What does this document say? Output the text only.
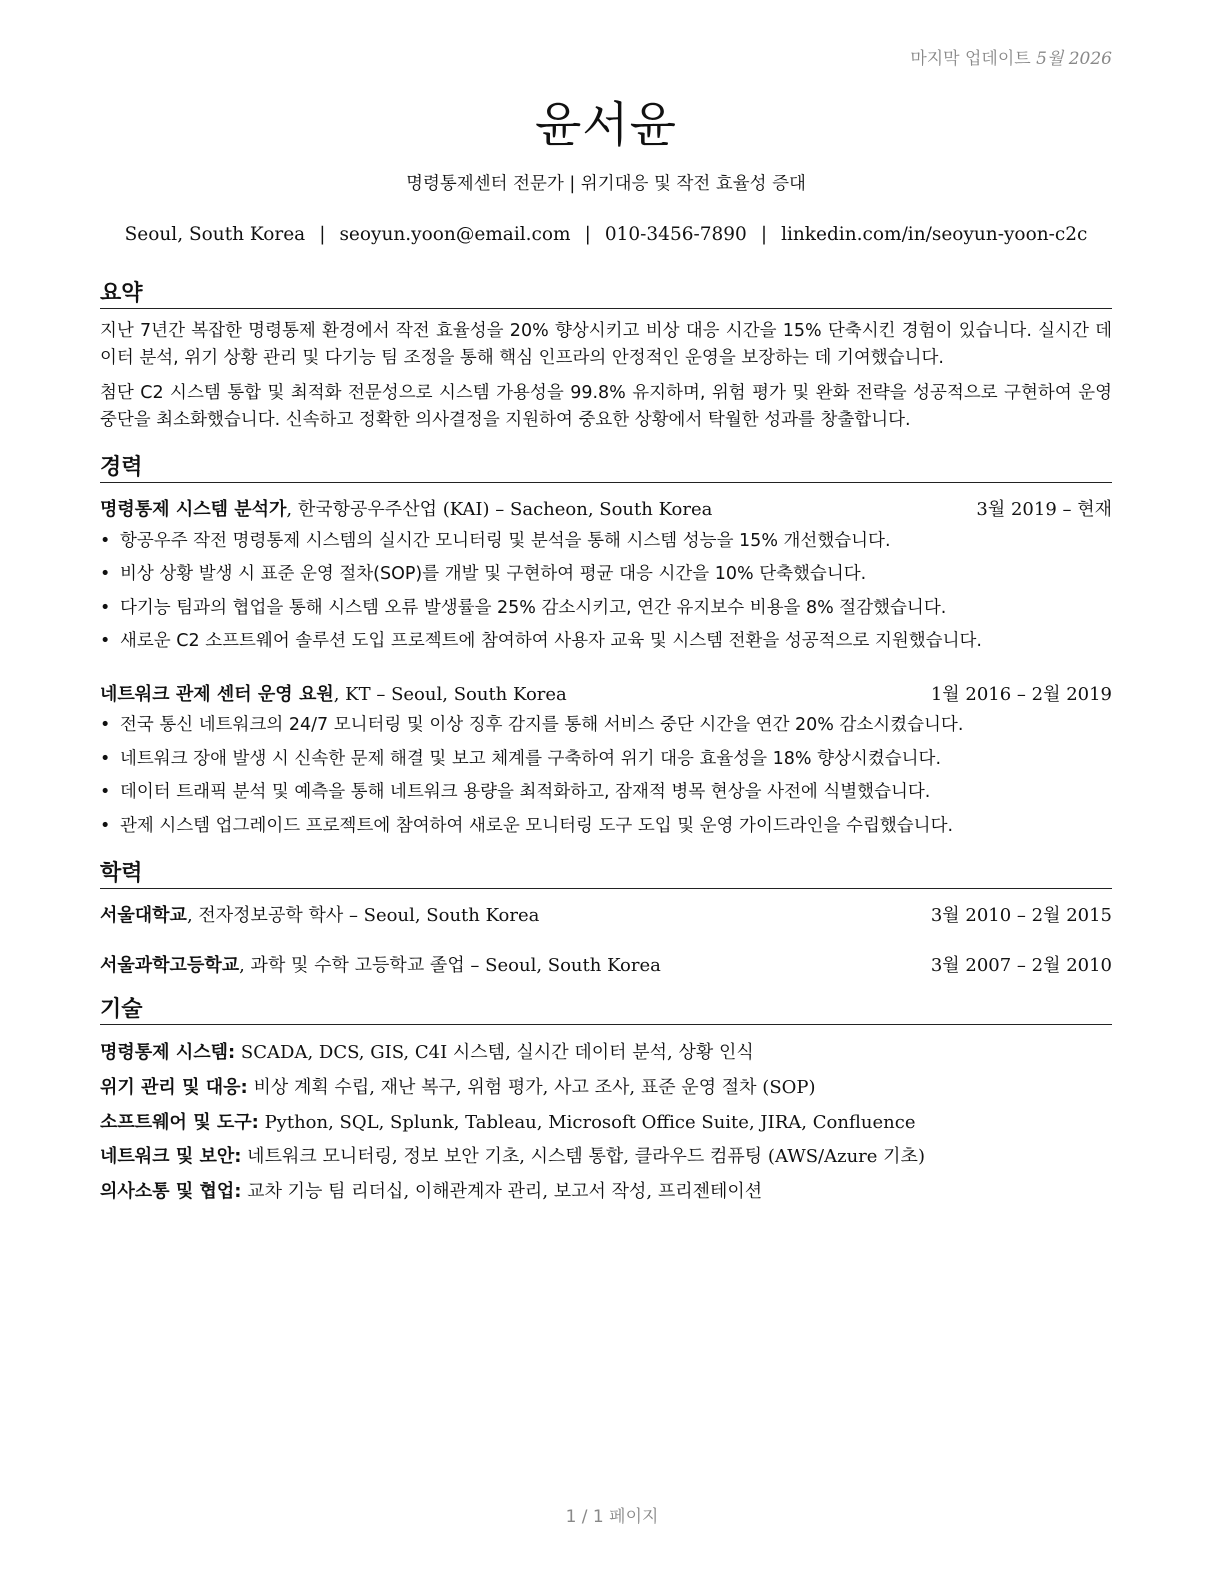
마지막 업데이트 5월 2026
윤서윤
명령통제센터 전문가 | 위기대응 및 작전 효율성 증대
Seoul, South Korea | seoyun.yoon@email.com | 010-3456-7890 | linkedin.com/in/seoyun-yoon-c2c
요약
지난 7년간 복잡한 명령통제 환경에서 작전 효율성을 20% 향상시키고 비상 대응 시간을 15% 단축시킨 경험이 있습니다. 실시간 데이터 분석, 위기 상황 관리 및 다기능 팀 조정을 통해 핵심 인프라의 안정적인 운영을 보장하는 데 기여했습니다.
첨단 C2 시스템 통합 및 최적화 전문성으로 시스템 가용성을 99.8% 유지하며, 위험 평가 및 완화 전략을 성공적으로 구현하여 운영 중단을 최소화했습니다. 신속하고 정확한 의사결정을 지원하여 중요한 상황에서 탁월한 성과를 창출합니다.
경력
명령통제 시스템 분석가, 한국항공우주산업 (KAI) – Sacheon, South Korea	3월 2019 – 현재
• 항공우주 작전 명령통제 시스템의 실시간 모니터링 및 분석을 통해 시스템 성능을 15% 개선했습니다.
• 비상 상황 발생 시 표준 운영 절차(SOP)를 개발 및 구현하여 평균 대응 시간을 10% 단축했습니다.
• 다기능 팀과의 협업을 통해 시스템 오류 발생률을 25% 감소시키고, 연간 유지보수 비용을 8% 절감했습니다.
• 새로운 C2 소프트웨어 솔루션 도입 프로젝트에 참여하여 사용자 교육 및 시스템 전환을 성공적으로 지원했습니다.
네트워크 관제 센터 운영 요원, KT – Seoul, South Korea	1월 2016 – 2월 2019
• 전국 통신 네트워크의 24/7 모니터링 및 이상 징후 감지를 통해 서비스 중단 시간을 연간 20% 감소시켰습니다.
• 네트워크 장애 발생 시 신속한 문제 해결 및 보고 체계를 구축하여 위기 대응 효율성을 18% 향상시켰습니다.
• 데이터 트래픽 분석 및 예측을 통해 네트워크 용량을 최적화하고, 잠재적 병목 현상을 사전에 식별했습니다.
• 관제 시스템 업그레이드 프로젝트에 참여하여 새로운 모니터링 도구 도입 및 운영 가이드라인을 수립했습니다.
학력
서울대학교, 전자정보공학 학사 – Seoul, South Korea	3월 2010 – 2월 2015
서울과학고등학교, 과학 및 수학 고등학교 졸업 – Seoul, South Korea	3월 2007 – 2월 2010
기술
명령통제 시스템: SCADA, DCS, GIS, C4I 시스템, 실시간 데이터 분석, 상황 인식
위기 관리 및 대응: 비상 계획 수립, 재난 복구, 위험 평가, 사고 조사, 표준 운영 절차 (SOP)
소프트웨어 및 도구: Python, SQL, Splunk, Tableau, Microsoft Office Suite, JIRA, Confluence
네트워크 및 보안: 네트워크 모니터링, 정보 보안 기초, 시스템 통합, 클라우드 컴퓨팅 (AWS/Azure 기초)
의사소통 및 협업: 교차 기능 팀 리더십, 이해관계자 관리, 보고서 작성, 프리젠테이션
1 / 1 페이지
